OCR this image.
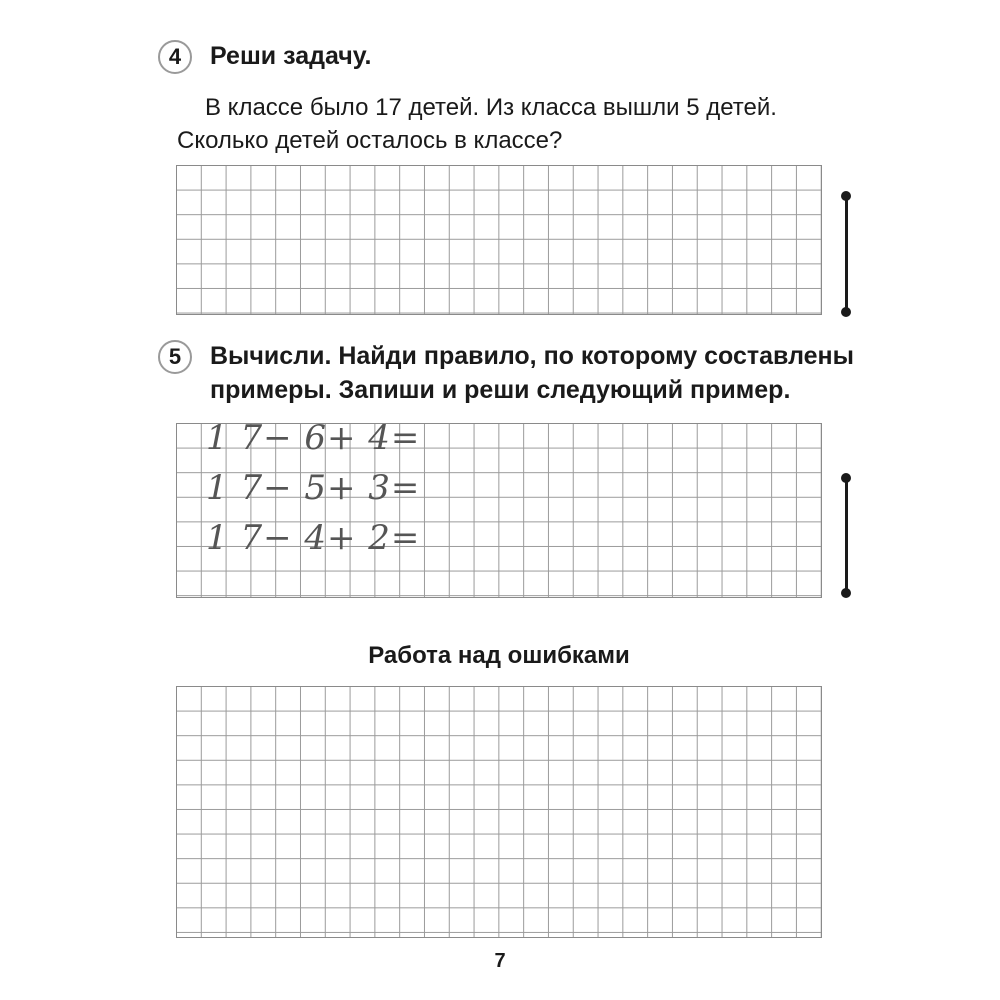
4	Реши задачу.
В классе было 17 детей. Из класса вышли 5 детей.
Сколько детей осталось в классе?
5	Вычисли. Найди правило, по которому составлены
примеры. Запиши и реши следующий пример.
1 7− 6+ 4=
1 7− 5+ 3=
1 7− 4+ 2=
Работа над ошибками
7
